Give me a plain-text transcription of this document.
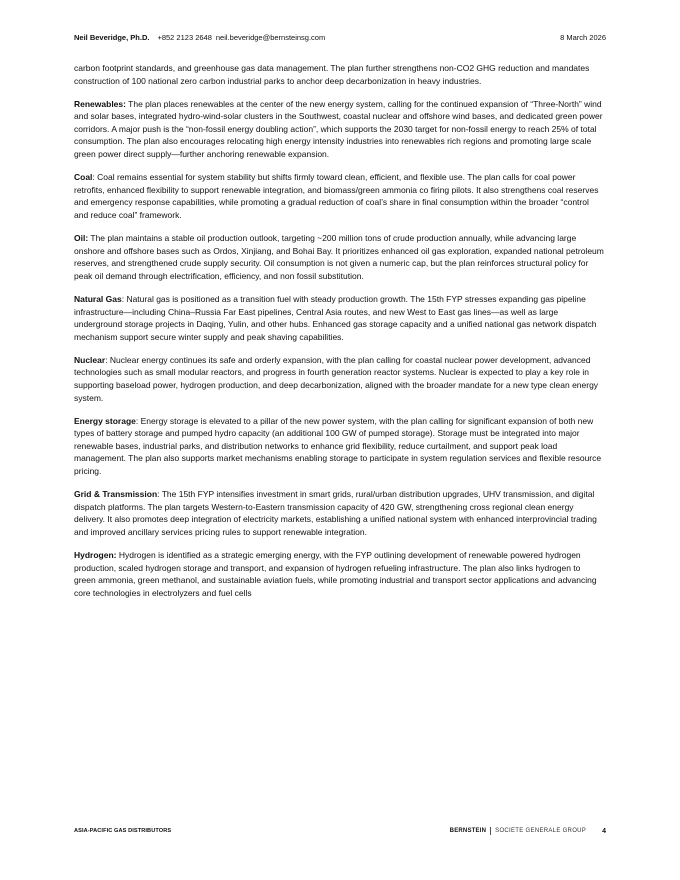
Neil Beveridge, Ph.D. +852 2123 2648 neil.beveridge@bernsteinsg.com	8 March 2026

carbon footprint standards, and greenhouse gas data management. The plan further strengthens non-CO2 GHG reduction and mandates construction of 100 national zero carbon industrial parks to anchor deep decarbonization in heavy industries.

Renewables: The plan places renewables at the center of the new energy system, calling for the continued expansion of “Three-North” wind and solar bases, integrated hydro-wind-solar clusters in the Southwest, coastal nuclear and offshore wind bases, and dedicated green power corridors. A major push is the “non-fossil energy doubling action”, which supports the 2030 target for non-fossil energy to reach 25% of total consumption. The plan also encourages relocating high energy intensity industries into renewables rich regions and promoting large scale green power direct supply—further anchoring renewable expansion.

Coal: Coal remains essential for system stability but shifts firmly toward clean, efficient, and flexible use. The plan calls for coal power retrofits, enhanced flexibility to support renewable integration, and biomass/green ammonia co firing pilots. It also strengthens coal reserves and emergency response capabilities, while promoting a gradual reduction of coal’s share in final consumption within the broader “control and reduce coal” framework.

Oil: The plan maintains a stable oil production outlook, targeting ~200 million tons of crude production annually, while advancing large onshore and offshore bases such as Ordos, Xinjiang, and Bohai Bay. It prioritizes enhanced oil gas exploration, expanded national petroleum reserves, and strengthened crude supply security. Oil consumption is not given a numeric cap, but the plan reinforces structural policy for peak oil demand through electrification, efficiency, and non fossil substitution.

Natural Gas: Natural gas is positioned as a transition fuel with steady production growth. The 15th FYP stresses expanding gas pipeline infrastructure—including China–Russia Far East pipelines, Central Asia routes, and new West to East gas lines—as well as large underground storage projects in Daqing, Yulin, and other hubs. Enhanced gas storage capacity and a unified national gas network dispatch mechanism support secure winter supply and peak shaving capabilities.

Nuclear: Nuclear energy continues its safe and orderly expansion, with the plan calling for coastal nuclear power development, advanced technologies such as small modular reactors, and progress in fourth generation reactor systems. Nuclear is expected to play a key role in supporting baseload power, hydrogen production, and deep decarbonization, aligned with the broader mandate for a new type clean energy system.

Energy storage: Energy storage is elevated to a pillar of the new power system, with the plan calling for significant expansion of both new types of battery storage and pumped hydro capacity (an additional 100 GW of pumped storage). Storage must be integrated into major renewable bases, industrial parks, and distribution networks to enhance grid flexibility, reduce curtailment, and support peak load management. The plan also supports market mechanisms enabling storage to participate in system regulation services and flexible resource pricing.

Grid & Transmission: The 15th FYP intensifies investment in smart grids, rural/urban distribution upgrades, UHV transmission, and digital dispatch platforms. The plan targets Western-to-Eastern transmission capacity of 420 GW, strengthening cross regional clean energy delivery. It also promotes deep integration of electricity markets, establishing a unified national system with enhanced interprovincial trading and improved ancillary services pricing rules to support renewable integration.

Hydrogen: Hydrogen is identified as a strategic emerging energy, with the FYP outlining development of renewable powered hydrogen production, scaled hydrogen storage and transport, and expansion of hydrogen refueling infrastructure. The plan also links hydrogen to green ammonia, green methanol, and sustainable aviation fuels, while promoting industrial and transport sector applications and advancing core technologies in electrolyzers and fuel cells

ASIA-PACIFIC GAS DISTRIBUTORS	BERNSTEIN SOCIETE GENERALE GROUP 4
